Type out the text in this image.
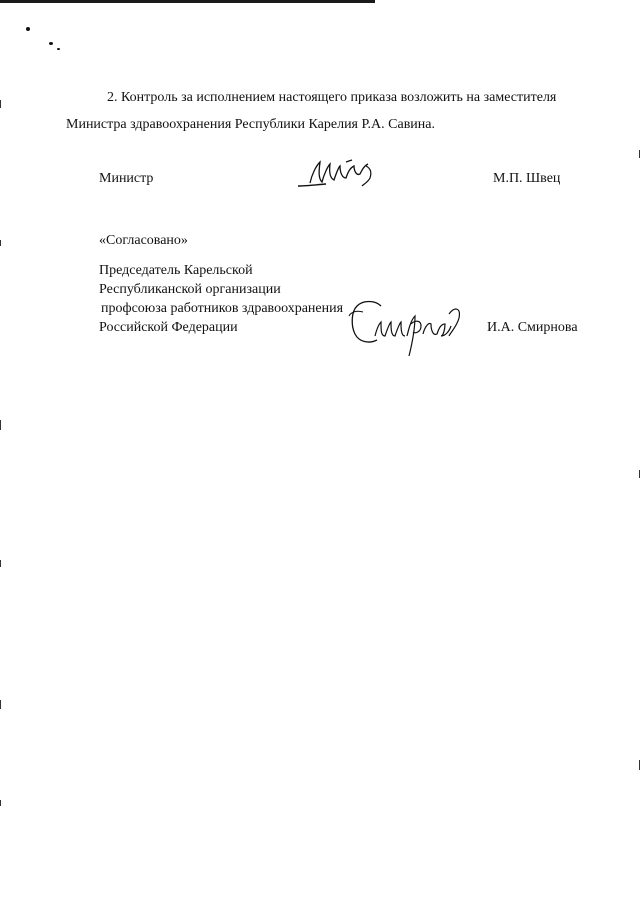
2. Контроль за исполнением настоящего приказа возложить на заместителя
Министра здравоохранения Республики Карелия Р.А. Савина.
Министр	М.П. Швец
«Согласовано»
Председатель Карельской
Республиканской организации
профсоюза работников здравоохранения
Российской Федерации	И.А. Смирнова
